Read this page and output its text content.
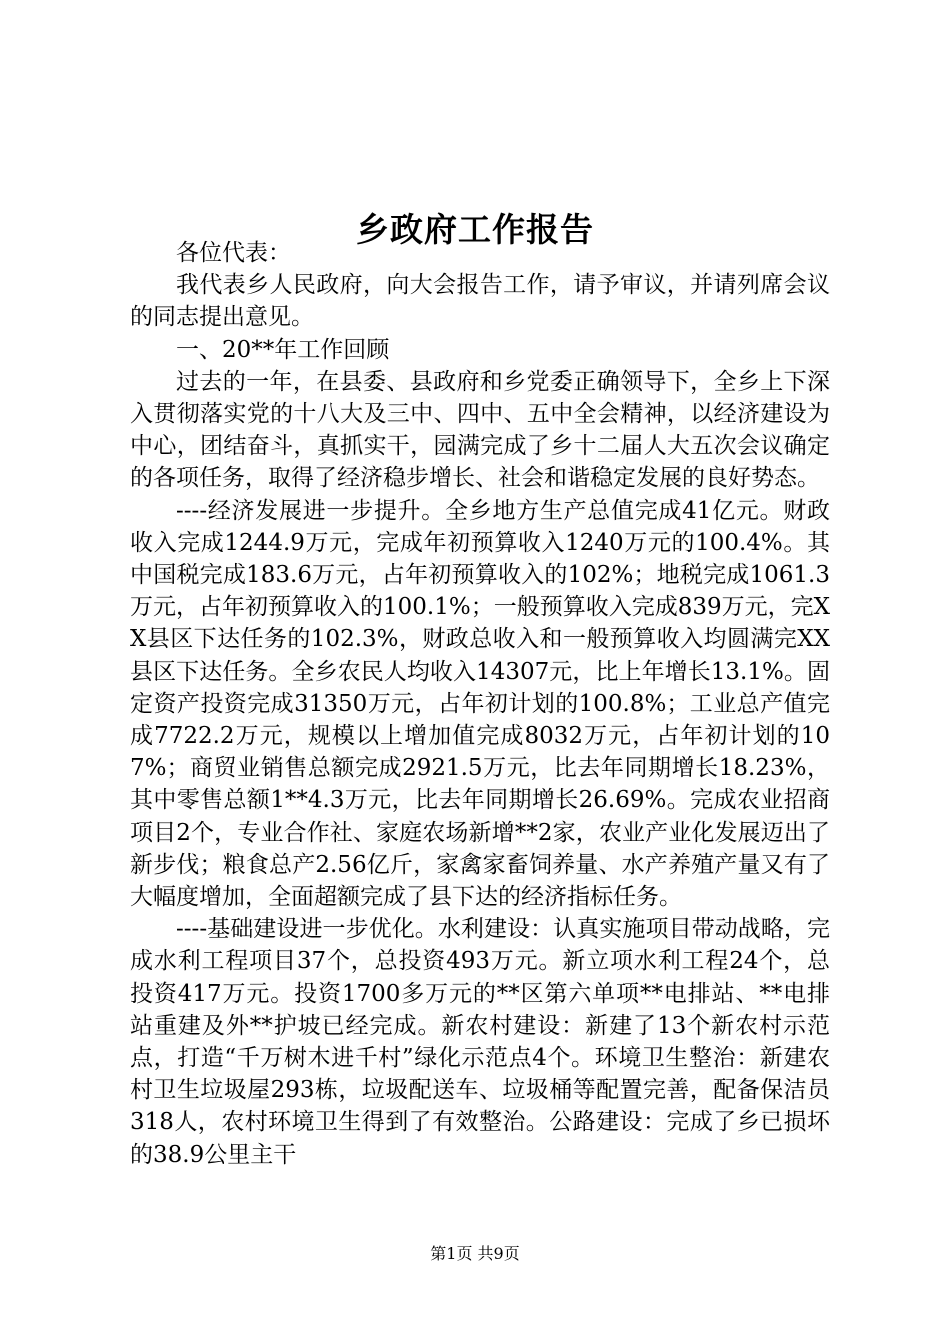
乡政府工作报告

各位代表：

我代表乡人民政府，向大会报告工作，请予审议，并请列席会议的同志提出意见。

一、20**年工作回顾

过去的一年，在县委、县政府和乡党委正确领导下，全乡上下深入贯彻落实党的十八大及三中、四中、五中全会精神，以经济建设为中心，团结奋斗，真抓实干，园满完成了乡十二届人大五次会议确定的各项任务，取得了经济稳步增长、社会和谐稳定发展的良好势态。

----经济发展进一步提升。全乡地方生产总值完成41亿元。财政收入完成1244.9万元，完成年初预算收入1240万元的100.4%。其中国税完成183.6万元，占年初预算收入的102%；地税完成1061.3万元，占年初预算收入的100.1%；一般预算收入完成839万元，完XX县区下达任务的102.3%，财政总收入和一般预算收入均圆满完XX县区下达任务。全乡农民人均收入14307元，比上年增长13.1%。固定资产投资完成31350万元，占年初计划的100.8%；工业总产值完成7722.2万元，规模以上增加值完成8032万元，占年初计划的107%；商贸业销售总额完成2921.5万元，比去年同期增长18.23%，其中零售总额1**4.3万元，比去年同期增长26.69%。完成农业招商项目2个，专业合作社、家庭农场新增**2家，农业产业化发展迈出了新步伐；粮食总产2.56亿斤，家禽家畜饲养量、水产养殖产量又有了大幅度增加，全面超额完成了县下达的经济指标任务。

----基础建设进一步优化。水利建设：认真实施项目带动战略，完成水利工程项目37个，总投资493万元。新立项水利工程24个，总投资417万元。投资1700多万元的**区第六单项**电排站、**电排站重建及外**护坡已经完成。新农村建设：新建了13个新农村示范点，打造“千万树木进千村”绿化示范点4个。环境卫生整治：新建农村卫生垃圾屋293栋，垃圾配送车、垃圾桶等配置完善，配备保洁员318人，农村环境卫生得到了有效整治。公路建设：完成了乡已损坏的38.9公里主干

第1页 共9页
